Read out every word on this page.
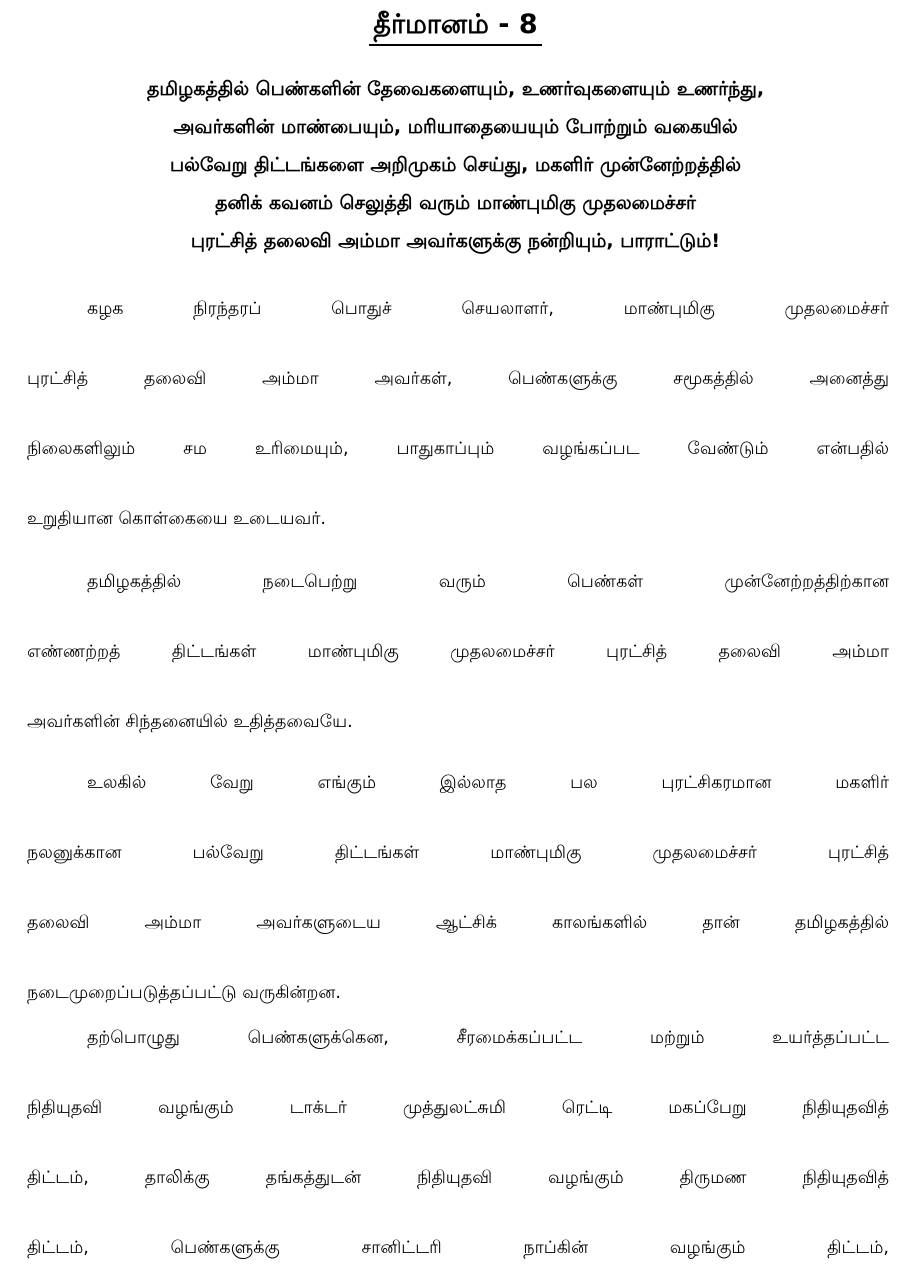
தீர்மானம் - 8
தமிழகத்தில் பெண்களின் தேவைகளையும், உணர்வுகளையும் உணர்ந்து,
அவர்களின் மாண்பையும், மரியாதையையும் போற்றும் வகையில்
பல்வேறு திட்டங்களை அறிமுகம் செய்து, மகளிர் முன்னேற்றத்தில்
தனிக் கவனம் செலுத்தி வரும் மாண்புமிகு முதலமைச்சர்
புரட்சித் தலைவி அம்மா அவர்களுக்கு நன்றியும், பாராட்டும்!
கழக நிரந்தரப் பொதுச் செயலாளர், மாண்புமிகு முதலமைச்சர்
புரட்சித் தலைவி அம்மா அவர்கள், பெண்களுக்கு சமூகத்தில் அனைத்து
நிலைகளிலும் சம உரிமையும், பாதுகாப்பும் வழங்கப்பட வேண்டும் என்பதில்
உறுதியான கொள்கையை உடையவர்.
தமிழகத்தில் நடைபெற்று வரும் பெண்கள் முன்னேற்றத்திற்கான
எண்ணற்றத் திட்டங்கள் மாண்புமிகு முதலமைச்சர் புரட்சித் தலைவி அம்மா
அவர்களின் சிந்தனையில் உதித்தவையே.
உலகில் வேறு எங்கும் இல்லாத பல புரட்சிகரமான மகளிர்
நலனுக்கான பல்வேறு திட்டங்கள் மாண்புமிகு முதலமைச்சர் புரட்சித்
தலைவி அம்மா அவர்களுடைய ஆட்சிக் காலங்களில் தான் தமிழகத்தில்
நடைமுறைப்படுத்தப்பட்டு வருகின்றன.
தற்பொழுது பெண்களுக்கென, சீரமைக்கப்பட்ட மற்றும் உயர்த்தப்பட்ட
நிதியுதவி வழங்கும் டாக்டர் முத்துலட்சுமி ரெட்டி மகப்பேறு நிதியுதவித்
திட்டம், தாலிக்கு தங்கத்துடன் நிதியுதவி வழங்கும் திருமண நிதியுதவித்
திட்டம், பெண்களுக்கு சானிட்டரி நாப்கின் வழங்கும் திட்டம்,
